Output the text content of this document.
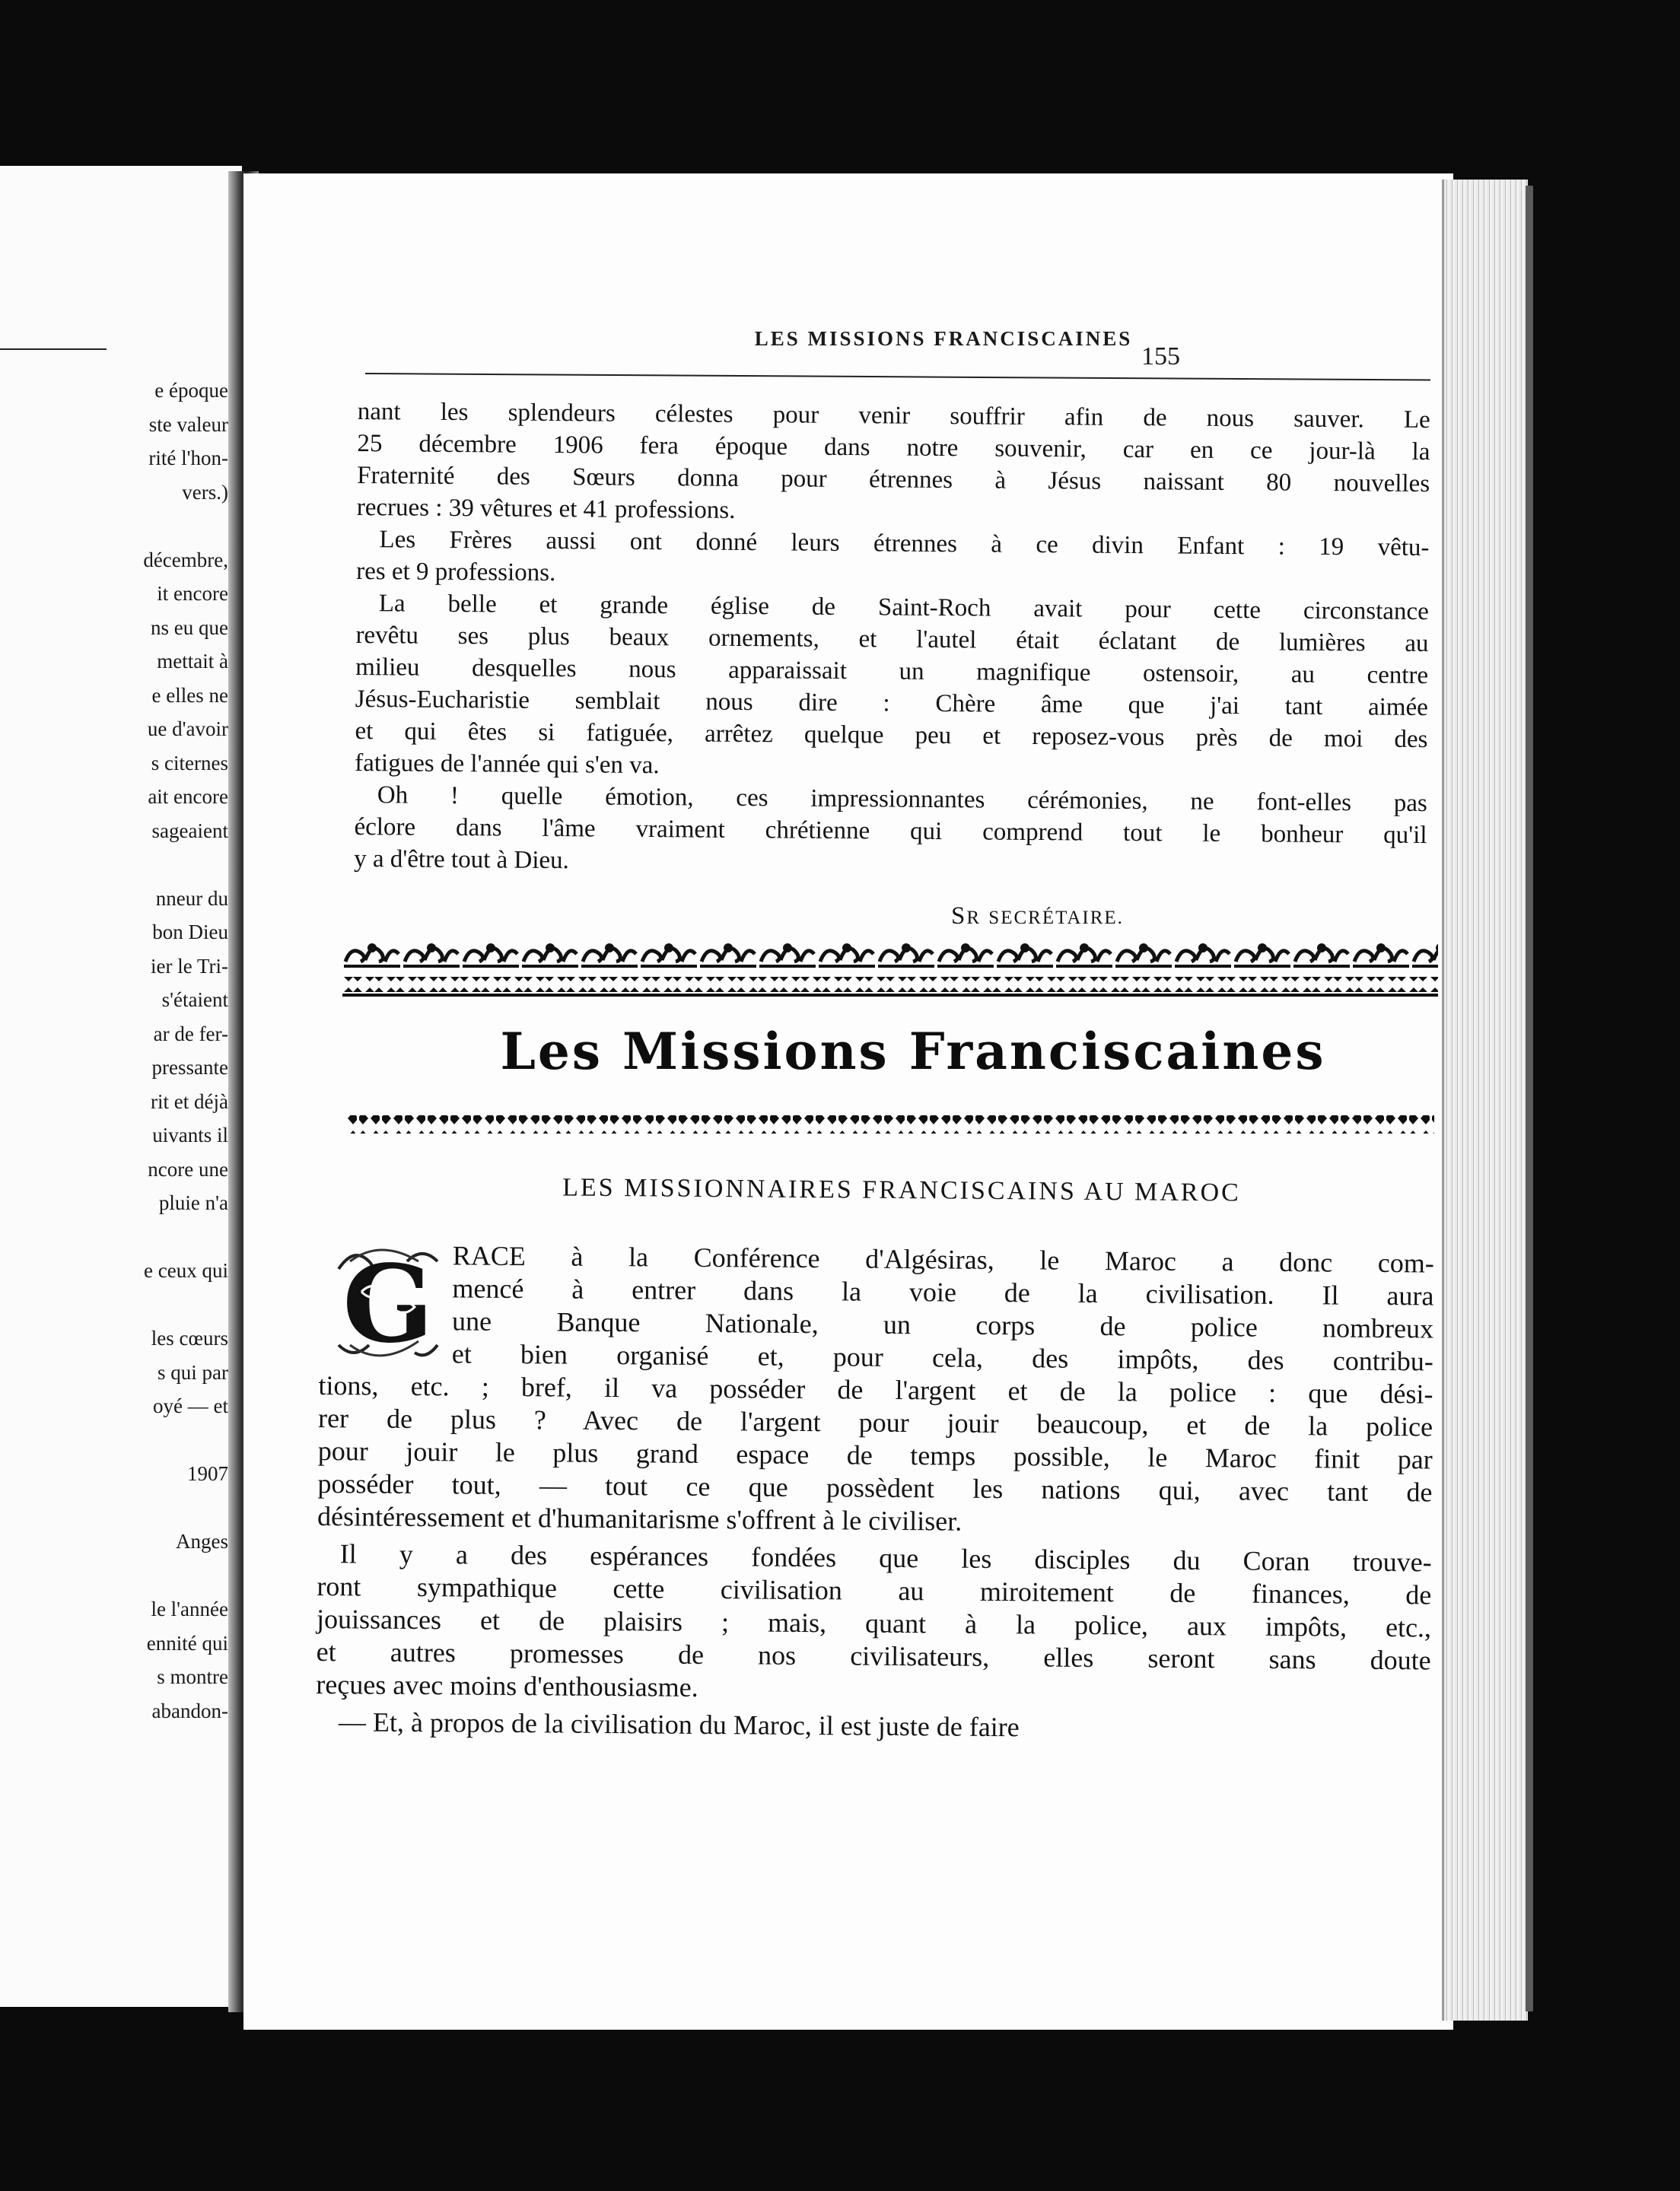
e époque
ste valeur
rité l'hon-
vers.)
décembre,
it encore
ns eu que
mettait à
e elles ne
ue d'avoir
s citernes
ait encore
sageaient
nneur du
bon Dieu
ier le Tri-
s'étaient
ar de fer-
pressante
rit et déjà
uivants il
ncore une
pluie n'a
e ceux qui
les cœurs
s qui par
oyé — et
1907
Anges
le l'année
ennité qui
s montre
abandon-
LES MISSIONS FRANCISCAINES
155

nant les splendeurs célestes pour venir souffrir afin de nous sauver. Le
25 décembre 1906 fera époque dans notre souvenir, car en ce jour-là la
Fraternité des Sœurs donna pour étrennes à Jésus naissant 80 nouvelles
recrues : 39 vêtures et 41 professions.

Les Frères aussi ont donné leurs étrennes à ce divin Enfant : 19 vêtu-
res et 9 professions.

La belle et grande église de Saint-Roch avait pour cette circonstance
revêtu ses plus beaux ornements, et l'autel était éclatant de lumières au
milieu desquelles nous apparaissait un magnifique ostensoir, au centre
Jésus-Eucharistie semblait nous dire : Chère âme que j'ai tant aimée
et qui êtes si fatiguée, arrêtez quelque peu et reposez-vous près de moi des
fatigues de l'année qui s'en va.

Oh ! quelle émotion, ces impressionnantes cérémonies, ne font-elles pas
éclore dans l'âme vraiment chrétienne qui comprend tout le bonheur qu'il
y a d'être tout à Dieu.

SR SECRÉTAIRE.
Les Missions Franciscaines
LES MISSIONNAIRES FRANCISCAINS AU MAROC
G RACE à la Conférence d'Algésiras, le Maroc a donc com-
mencé à entrer dans la voie de la civilisation. Il aura
une Banque Nationale, un corps de police nombreux
et bien organisé et, pour cela, des impôts, des contribu-
tions, etc. ; bref, il va posséder de l'argent et de la police : que dési-
rer de plus ? Avec de l'argent pour jouir beaucoup, et de la police
pour jouir le plus grand espace de temps possible, le Maroc finit par
posséder tout, — tout ce que possèdent les nations qui, avec tant de
désintéressement et d'humanitarisme s'offrent à le civiliser.

Il y a des espérances fondées que les disciples du Coran trouve-
ront sympathique cette civilisation au miroitement de finances, de
jouissances et de plaisirs ; mais, quant à la police, aux impôts, etc.,
et autres promesses de nos civilisateurs, elles seront sans doute
reçues avec moins d'enthousiasme.

— Et, à propos de la civilisation du Maroc, il est juste de faire
